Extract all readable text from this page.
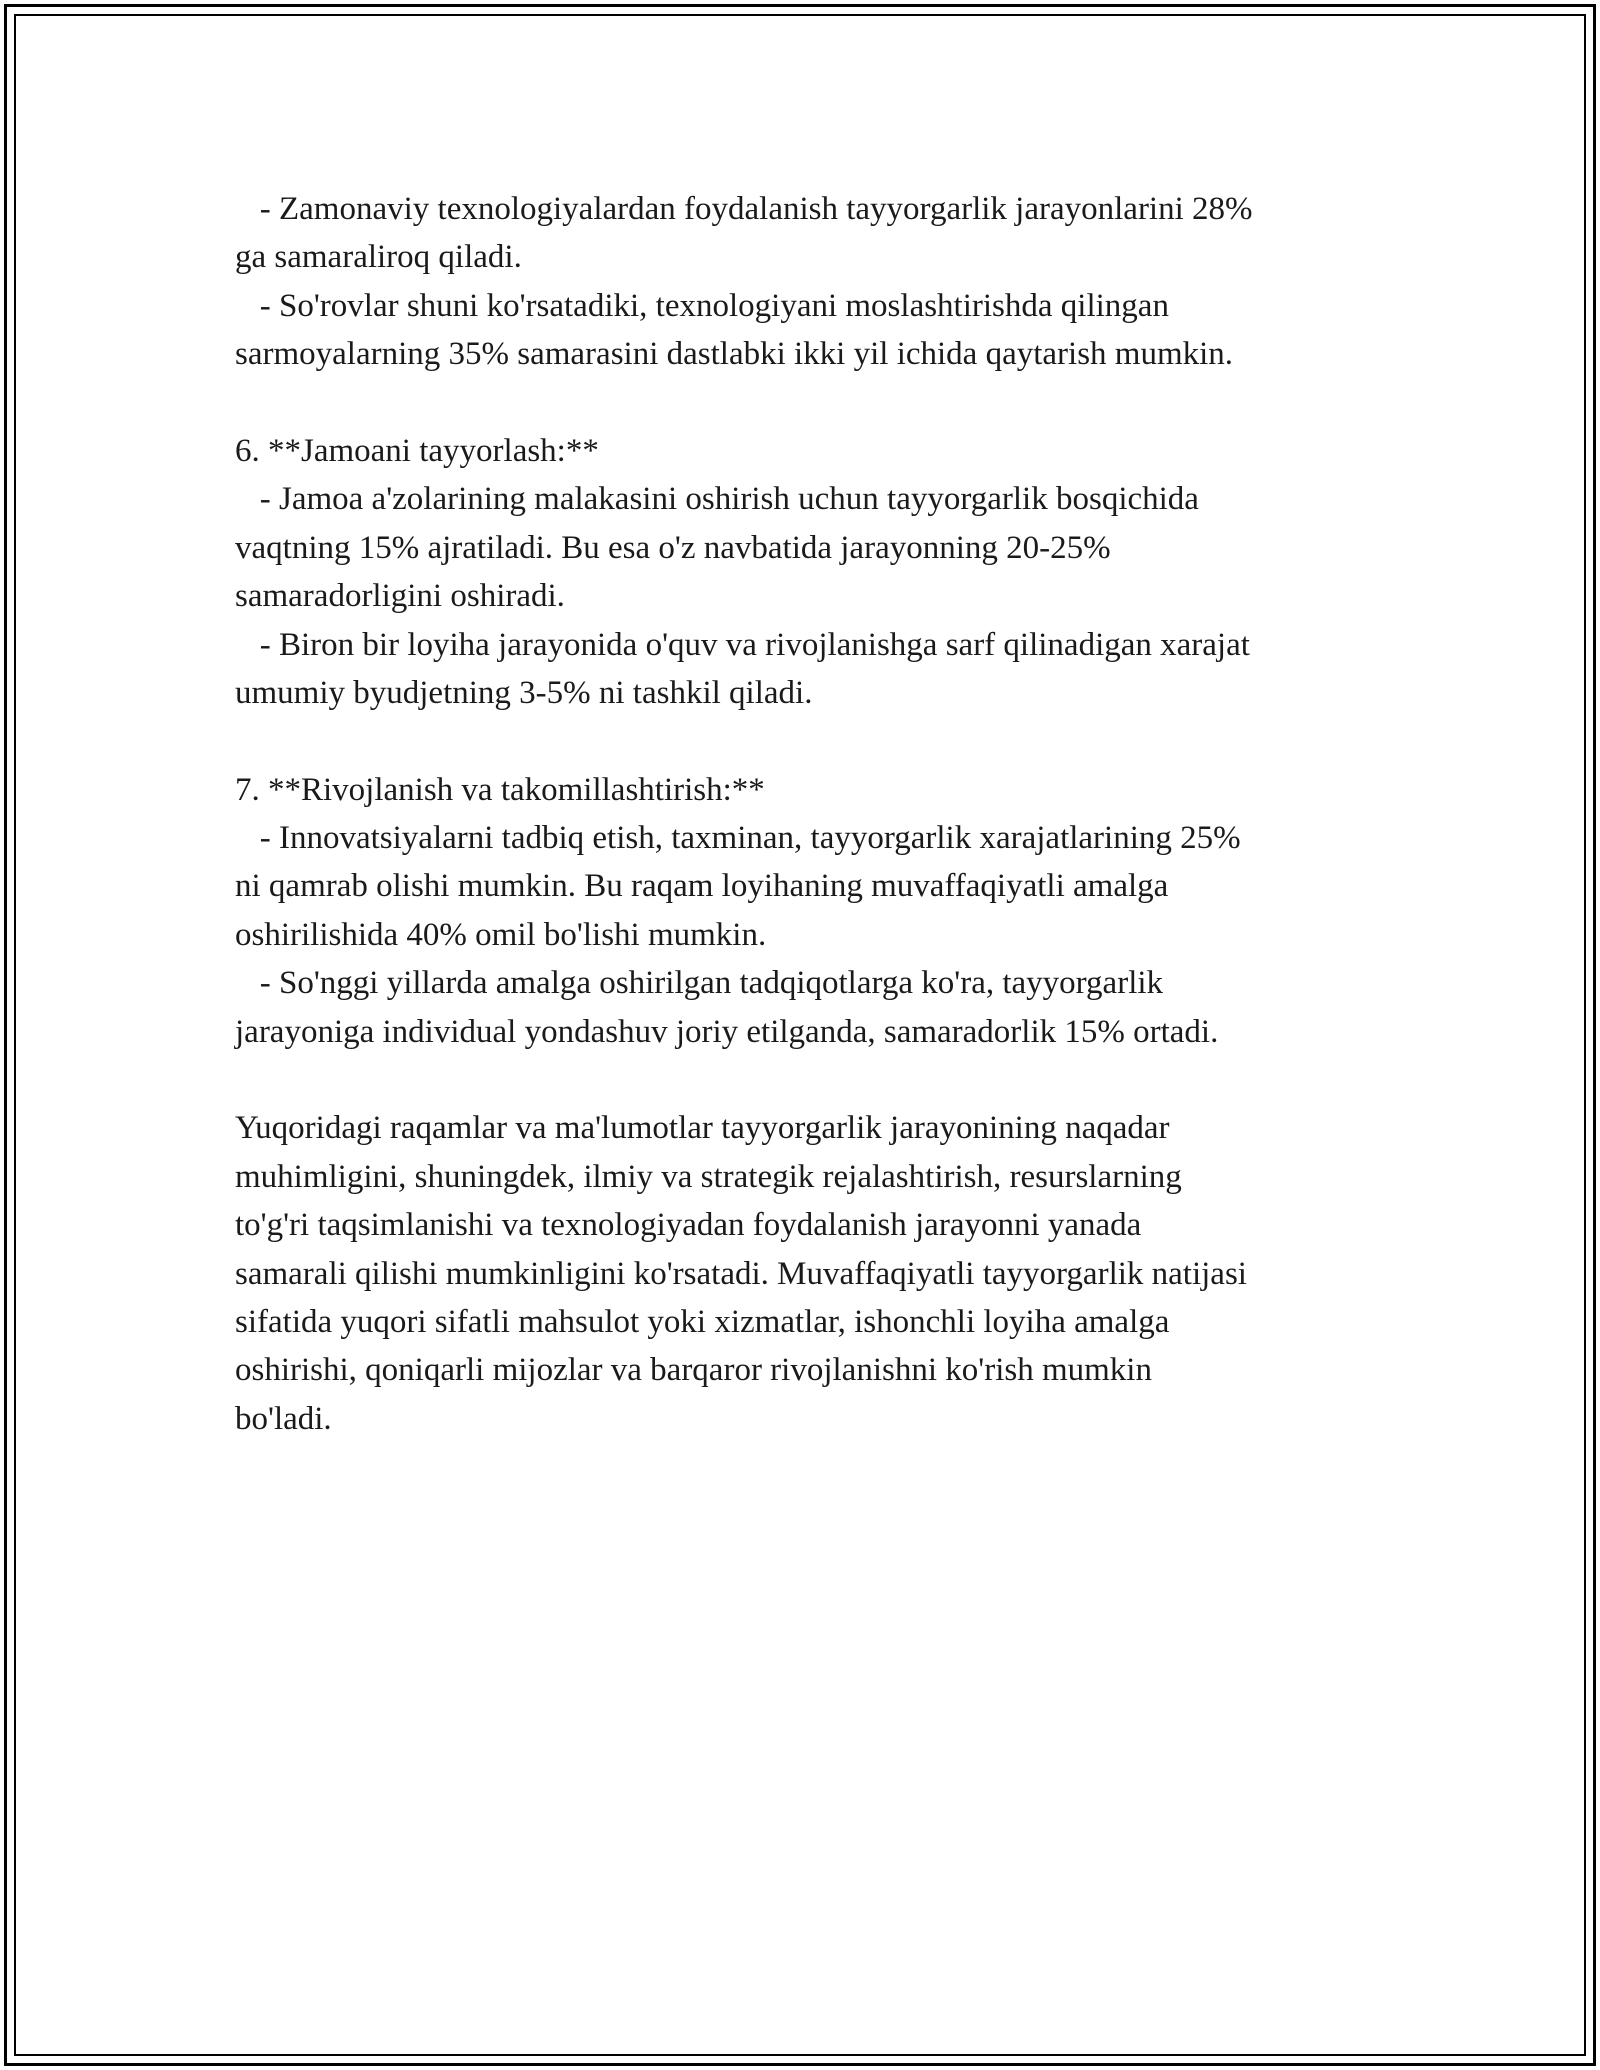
- Zamonaviy texnologiyalardan foydalanish tayyorgarlik jarayonlarini 28%

ga samaraliroq qiladi.

- So'rovlar shuni ko'rsatadiki, texnologiyani moslashtirishda qilingan

sarmoyalarning 35% samarasini dastlabki ikki yil ichida qaytarish mumkin.

6. **Jamoani tayyorlash:**

- Jamoa a'zolarining malakasini oshirish uchun tayyorgarlik bosqichida

vaqtning 15% ajratiladi. Bu esa o'z navbatida jarayonning 20-25%

samaradorligini oshiradi.

- Biron bir loyiha jarayonida o'quv va rivojlanishga sarf qilinadigan xarajat

umumiy byudjetning 3-5% ni tashkil qiladi.

7. **Rivojlanish va takomillashtirish:**

- Innovatsiyalarni tadbiq etish, taxminan, tayyorgarlik xarajatlarining 25%

ni qamrab olishi mumkin. Bu raqam loyihaning muvaffaqiyatli amalga

oshirilishida 40% omil bo'lishi mumkin.

- So'nggi yillarda amalga oshirilgan tadqiqotlarga ko'ra, tayyorgarlik

jarayoniga individual yondashuv joriy etilganda, samaradorlik 15% ortadi.

Yuqoridagi raqamlar va ma'lumotlar tayyorgarlik jarayonining naqadar

muhimligini, shuningdek, ilmiy va strategik rejalashtirish, resurslarning

to'g'ri taqsimlanishi va texnologiyadan foydalanish jarayonni yanada

samarali qilishi mumkinligini ko'rsatadi. Muvaffaqiyatli tayyorgarlik natijasi

sifatida yuqori sifatli mahsulot yoki xizmatlar, ishonchli loyiha amalga

oshirishi, qoniqarli mijozlar va barqaror rivojlanishni ko'rish mumkin

bo'ladi.
